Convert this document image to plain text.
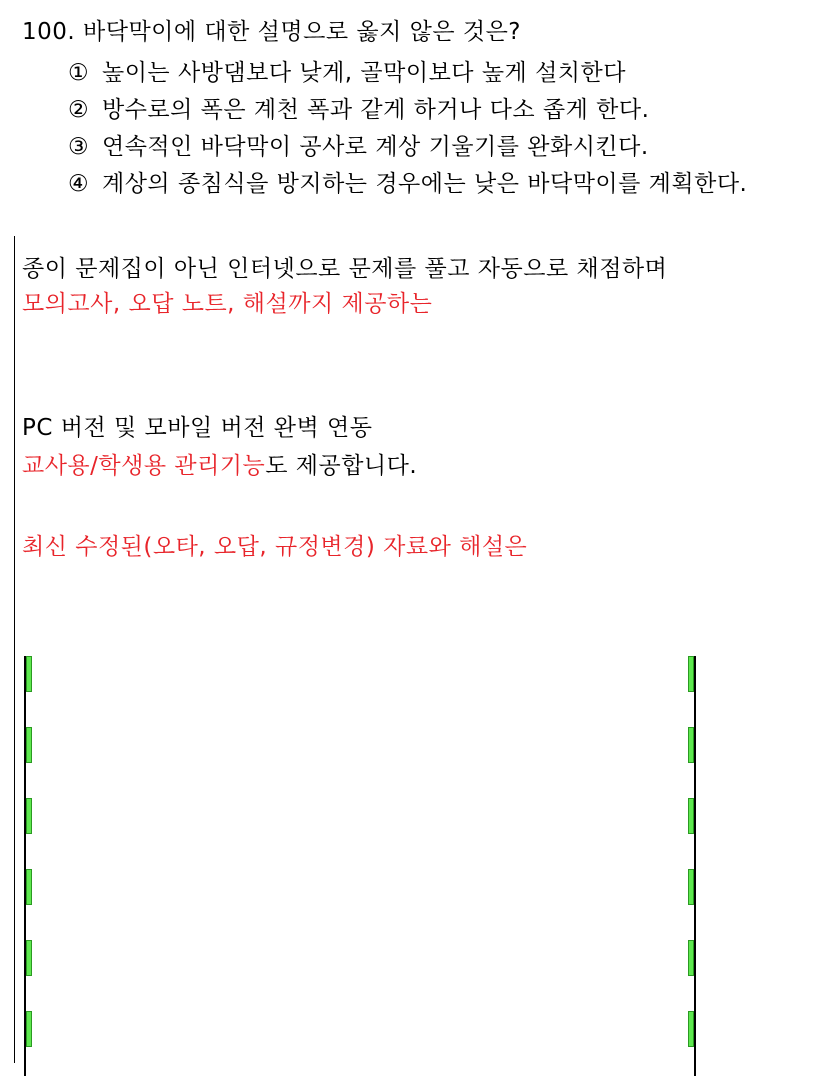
100. 바닥막이에 대한 설명으로 옳지 않은 것은?
① 높이는 사방댐보다 낮게, 골막이보다 높게 설치한다
② 방수로의 폭은 계천 폭과 같게 하거나 다소 좁게 한다.
③ 연속적인 바닥막이 공사로 계상 기울기를 완화시킨다.
④ 계상의 종침식을 방지하는 경우에는 낮은 바닥막이를 계획한다.
종이 문제집이 아닌 인터넷으로 문제를 풀고 자동으로 채점하며
모의고사, 오답 노트, 해설까지 제공하는
PC 버전 및 모바일 버전 완벽 연동
교사용/학생용 관리기능도 제공합니다.
최신 수정된(오타, 오답, 규정변경) 자료와 해설은
